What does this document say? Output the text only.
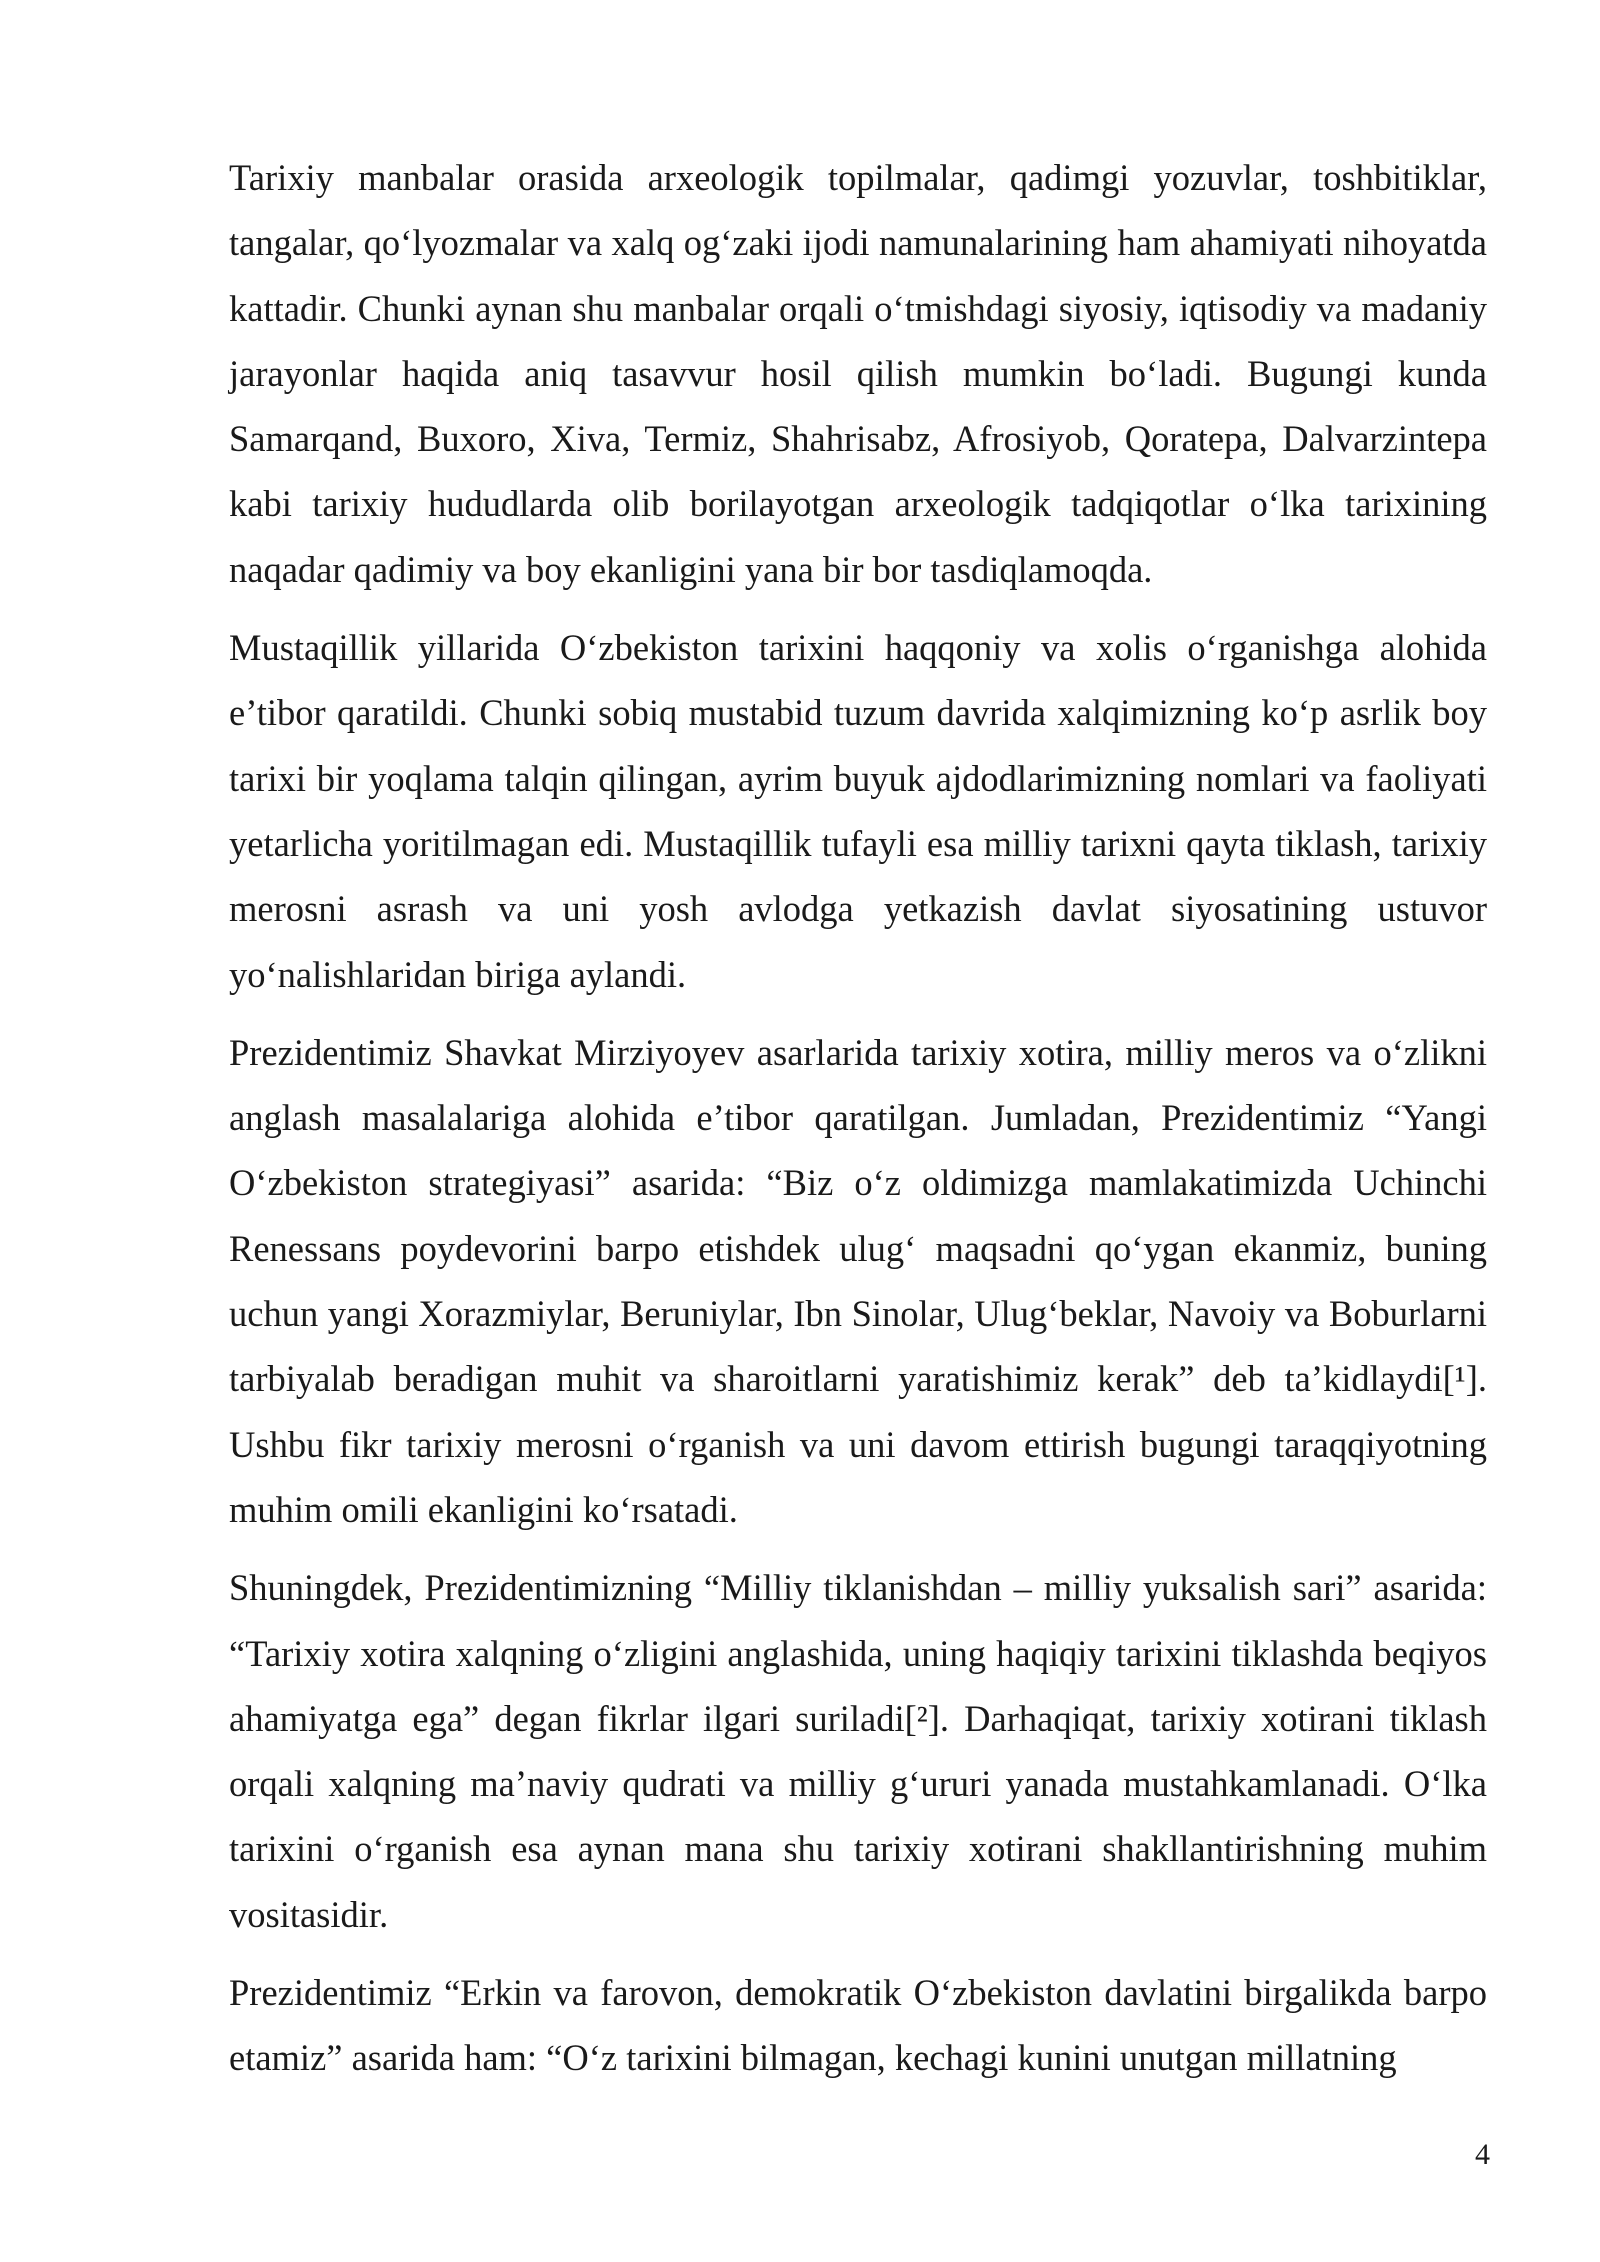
Tarixiy manbalar orasida arxeologik topilmalar, qadimgi yozuvlar, toshbitiklar, tangalar, qo‘lyozmalar va xalq og‘zaki ijodi namunalarining ham ahamiyati nihoyatda kattadir. Chunki aynan shu manbalar orqali o‘tmishdagi siyosiy, iqtisodiy va madaniy jarayonlar haqida aniq tasavvur hosil qilish mumkin bo‘ladi. Bugungi kunda Samarqand, Buxoro, Xiva, Termiz, Shahrisabz, Afrosiyob, Qoratepa, Dalvarzintepa kabi tarixiy hududlarda olib borilayotgan arxeologik tadqiqotlar o‘lka tarixining naqadar qadimiy va boy ekanligini yana bir bor tasdiqlamoqda.

Mustaqillik yillarida O‘zbekiston tarixini haqqoniy va xolis o‘rganishga alohida e’tibor qaratildi. Chunki sobiq mustabid tuzum davrida xalqimizning ko‘p asrlik boy tarixi bir yoqlama talqin qilingan, ayrim buyuk ajdodlarimizning nomlari va faoliyati yetarlicha yoritilmagan edi. Mustaqillik tufayli esa milliy tarixni qayta tiklash, tarixiy merosni asrash va uni yosh avlodga yetkazish davlat siyosatining ustuvor yo‘nalishlaridan biriga aylandi.

Prezidentimiz Shavkat Mirziyoyev asarlarida tarixiy xotira, milliy meros va o‘zlikni anglash masalalariga alohida e’tibor qaratilgan. Jumladan, Prezidentimiz “Yangi O‘zbekiston strategiyasi” asarida: “Biz o‘z oldimizga mamlakatimizda Uchinchi Renessans poydevorini barpo etishdek ulug‘ maqsadni qo‘ygan ekanmiz, buning uchun yangi Xorazmiylar, Beruniylar, Ibn Sinolar, Ulug‘beklar, Navoiy va Boburlarni tarbiyalab beradigan muhit va sharoitlarni yaratishimiz kerak” deb ta’kidlaydi[¹]. Ushbu fikr tarixiy merosni o‘rganish va uni davom ettirish bugungi taraqqiyotning muhim omili ekanligini ko‘rsatadi.

Shuningdek, Prezidentimizning “Milliy tiklanishdan – milliy yuksalish sari” asarida: “Tarixiy xotira xalqning o‘zligini anglashida, uning haqiqiy tarixini tiklashda beqiyos ahamiyatga ega” degan fikrlar ilgari suriladi[²]. Darhaqiqat, tarixiy xotirani tiklash orqali xalqning ma’naviy qudrati va milliy g‘ururi yanada mustahkamlanadi. O‘lka tarixini o‘rganish esa aynan mana shu tarixiy xotirani shakllantirishning muhim vositasidir.

Prezidentimiz “Erkin va farovon, demokratik O‘zbekiston davlatini birgalikda barpo etamiz” asarida ham: “O‘z tarixini bilmagan, kechagi kunini unutgan millatning

4
